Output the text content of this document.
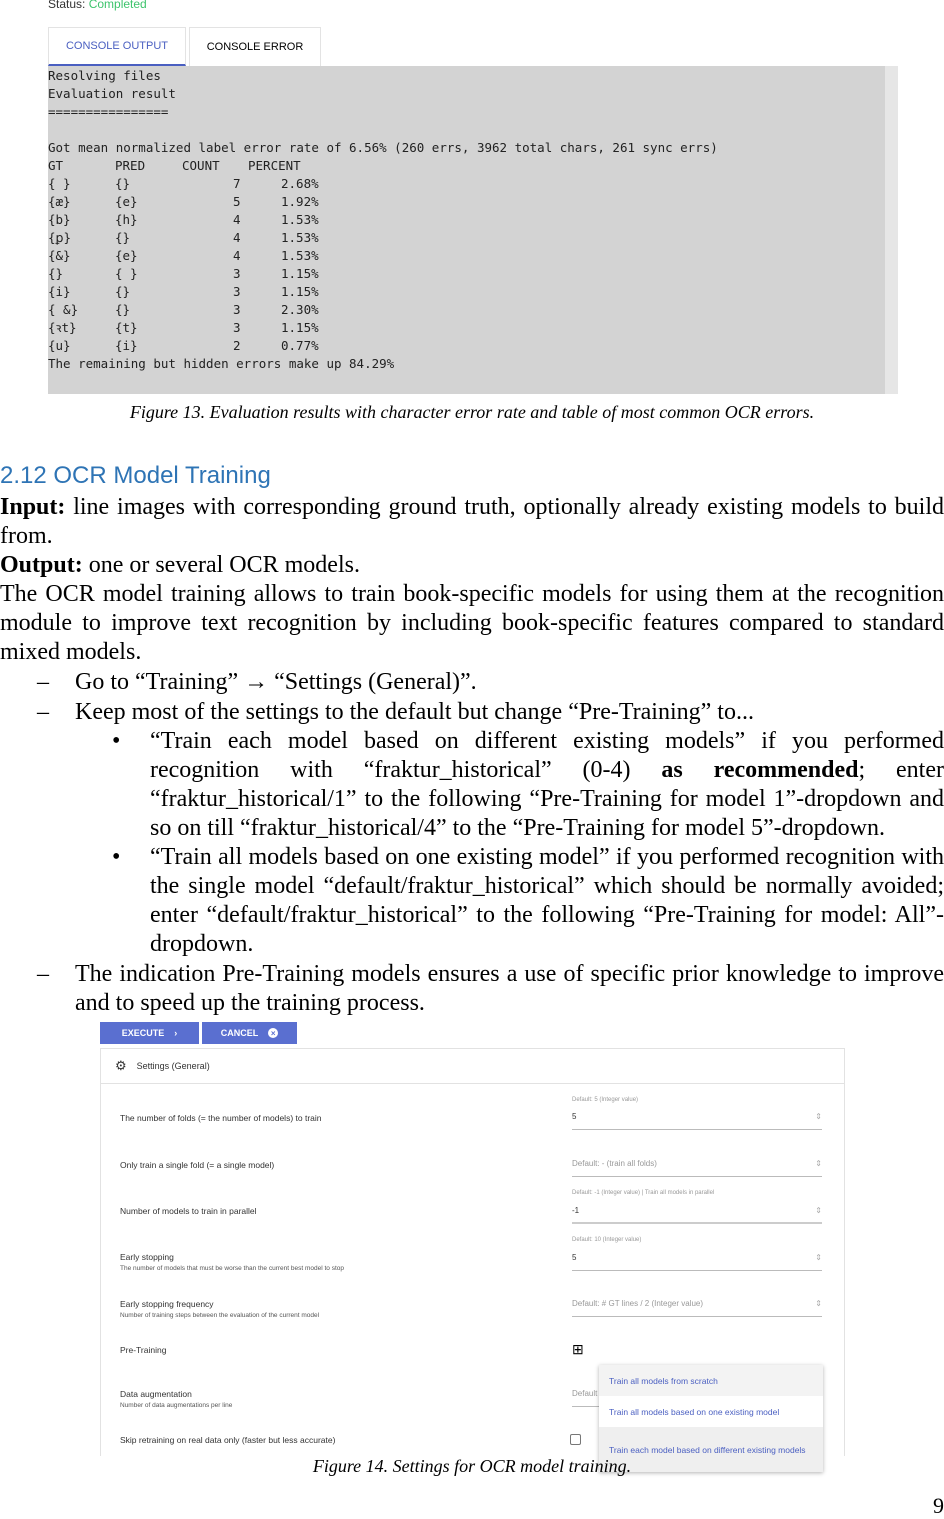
Status: Completed
CONSOLE OUTPUT	CONSOLE ERROR
Resolving files
Evaluation result
================
Got mean normalized label error rate of 6.56% (260 errs, 3962 total chars, 261 sync errs)
GT	PRED	COUNT PERCENT
{ }	{}	7	2.68%
{æ}	{e}	5	1.92%
{b}	{h}	4	1.53%
{ꝑ}	{}	4	1.53%
{&}	{e}	4	1.53%
{}	{ }	3	1.15%
{i}	{}	3	1.15%
{ &}	{}	3	2.30%
{ꝛt}	{t}	3	1.15%
{u}	{i}	2	0.77%
The remaining but hidden errors make up 84.29%
Figure 13. Evaluation results with character error rate and table of most common OCR errors.
2.12 OCR Model Training

Input: line images with corresponding ground truth, optionally already existing models to build from.

Output: one or several OCR models.

The OCR model training allows to train book-specific models for using them at the recognition module to improve text recognition by including book-specific features compared to standard mixed models.

–	Go to “Training” → “Settings (General)”.
–	Keep most of the settings to the default but change “Pre-Training” to...
•	“Train each model based on different existing models” if you performed recognition with “fraktur_historical” (0-4) as recommended; enter “fraktur_historical/1” to the following “Pre-Training for model 1”-dropdown and so on till “fraktur_historical/4” to the “Pre-Training for model 5”-dropdown.
•	“Train all models based on one existing model” if you performed recognition with the single model “default/fraktur_historical” which should be normally avoided; enter “default/fraktur_historical” to the following “Pre-Training for model: All”-dropdown.
–	The indication Pre-Training models ensures a use of specific prior knowledge to improve and to speed up the training process.
EXECUTE ›	CANCEL	×
⚙ Settings (General)
The number of folds (= the number of models) to train
Default: 5 (Integer value)
5	⇕
Only train a single fold (= a single model)	Default: - (train all folds)	⇕
Number of models to train in parallel
Default: -1 (Integer value) | Train all models in parallel
-1	⇕
Early stopping
The number of models that must be worse than the current best model to stop
Default: 10 (Integer value)
5	⇕
Early stopping frequency
Number of training steps between the evaluation of the current model
Default: # GT lines / 2 (Integer value)	⇕
Pre-Training	⊞
Data augmentation
Number of data augmentations per line
Default
Skip retraining on real data only (faster but less accurate)
Train all models from scratch
Train all models based on one existing model
Train each model based on different existing models
Figure 14. Settings for OCR model training.
9
